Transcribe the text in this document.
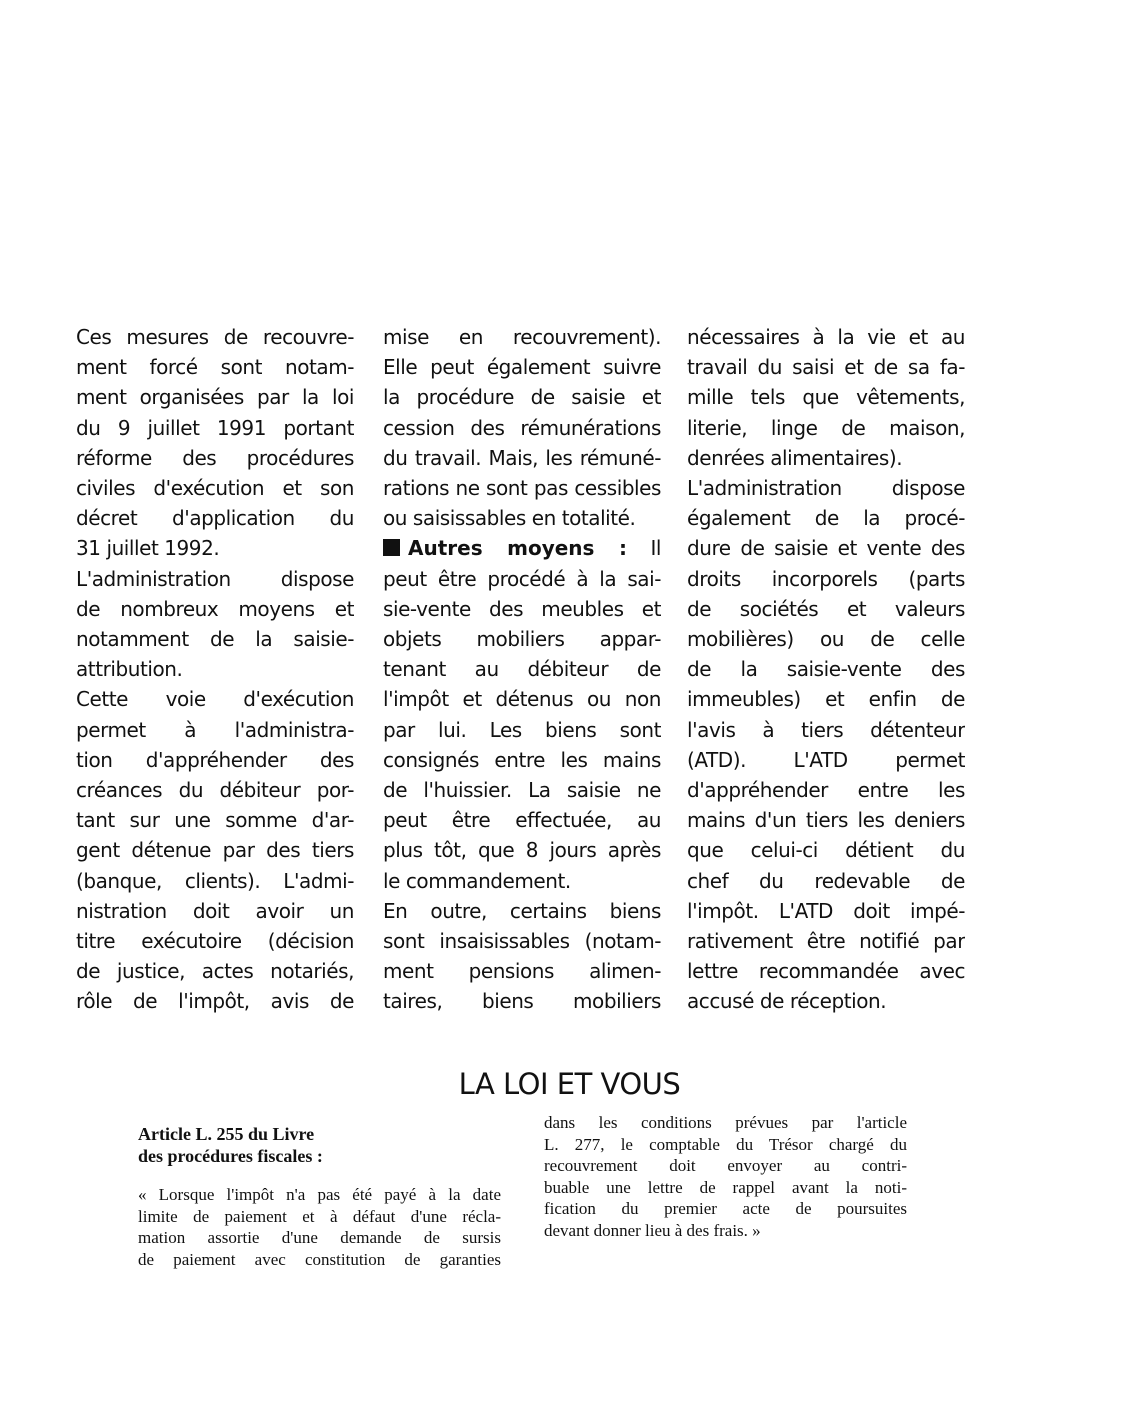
Ces mesures de recouvre-
ment forcé sont notam-
ment organisées par la loi
du 9 juillet 1991 portant
réforme des procédures
civiles d'exécution et son
décret d'application du
31 juillet 1992.
L'administration dispose
de nombreux moyens et
notamment de la saisie-
attribution.
Cette voie d'exécution
permet à l'administra-
tion d'appréhender des
créances du débiteur por-
tant sur une somme d'ar-
gent détenue par des tiers
(banque, clients). L'admi-
nistration doit avoir un
titre exécutoire (décision
de justice, actes notariés,
rôle de l'impôt, avis de
mise en recouvrement).
Elle peut également suivre
la procédure de saisie et
cession des rémunérations
du travail. Mais, les rémuné-
rations ne sont pas cessibles
ou saisissables en totalité.
Autres moyens : Il
peut être procédé à la sai-
sie-vente des meubles et
objets mobiliers appar-
tenant au débiteur de
l'impôt et détenus ou non
par lui. Les biens sont
consignés entre les mains
de l'huissier. La saisie ne
peut être effectuée, au
plus tôt, que 8 jours après
le commandement.
En outre, certains biens
sont insaisissables (notam-
ment pensions alimen-
taires, biens mobiliers
nécessaires à la vie et au
travail du saisi et de sa fa-
mille tels que vêtements,
literie, linge de maison,
denrées alimentaires).
L'administration dispose
également de la procé-
dure de saisie et vente des
droits incorporels (parts
de sociétés et valeurs
mobilières) ou de celle
de la saisie-vente des
immeubles) et enfin de
l'avis à tiers détenteur
(ATD). L'ATD permet
d'appréhender entre les
mains d'un tiers les deniers
que celui-ci détient du
chef du redevable de
l'impôt. L'ATD doit impé-
rativement être notifié par
lettre recommandée avec
accusé de réception.
LA LOI ET VOUS
Article L. 255 du Livre
des procédures fiscales :
« Lorsque l'impôt n'a pas été payé à la date
limite de paiement et à défaut d'une récla-
mation assortie d'une demande de sursis
de paiement avec constitution de garanties
dans les conditions prévues par l'article
L. 277, le comptable du Trésor chargé du
recouvrement doit envoyer au contri-
buable une lettre de rappel avant la noti-
fication du premier acte de poursuites
devant donner lieu à des frais. »
